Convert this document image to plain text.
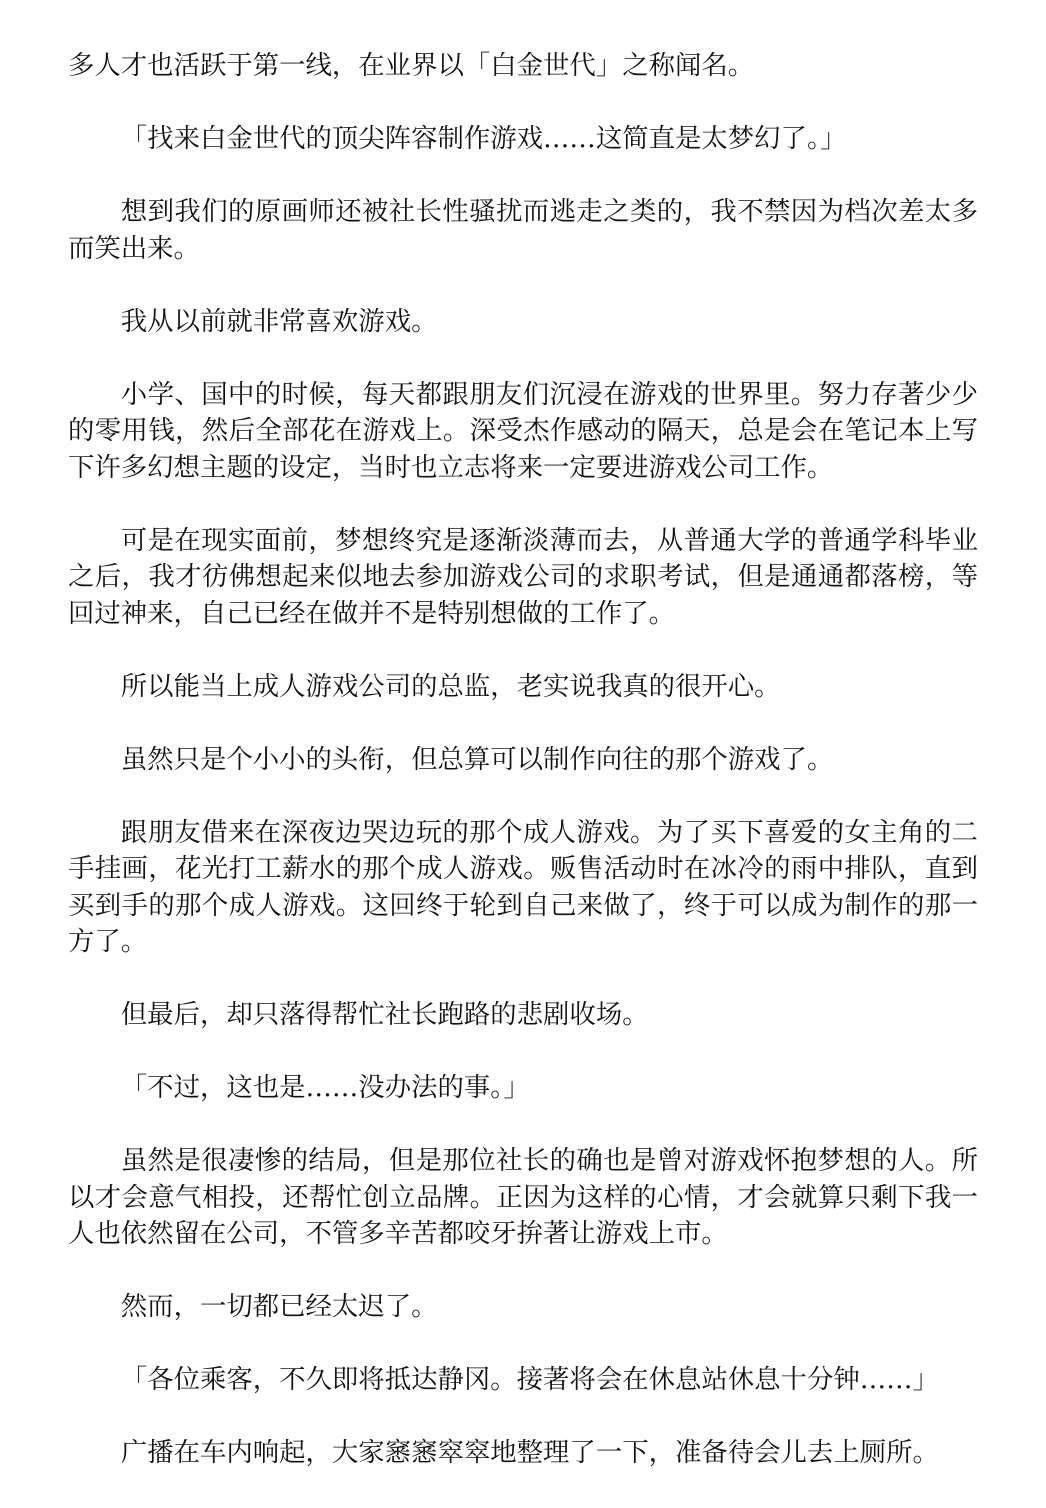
多人才也活跃于第一线，在业界以「白金世代」之称闻名。

「找来白金世代的顶尖阵容制作游戏……这简直是太梦幻了。」

想到我们的原画师还被社长性骚扰而逃走之类的，我不禁因为档次差太多而笑出来。

我从以前就非常喜欢游戏。

小学、国中的时候，每天都跟朋友们沉浸在游戏的世界里。努力存著少少的零用钱，然后全部花在游戏上。深受杰作感动的隔天，总是会在笔记本上写下许多幻想主题的设定，当时也立志将来一定要进游戏公司工作。

可是在现实面前，梦想终究是逐渐淡薄而去，从普通大学的普通学科毕业之后，我才彷佛想起来似地去参加游戏公司的求职考试，但是通通都落榜，等回过神来，自己已经在做并不是特别想做的工作了。

所以能当上成人游戏公司的总监，老实说我真的很开心。

虽然只是个小小的头衔，但总算可以制作向往的那个游戏了。

跟朋友借来在深夜边哭边玩的那个成人游戏。为了买下喜爱的女主角的二手挂画，花光打工薪水的那个成人游戏。贩售活动时在冰冷的雨中排队，直到买到手的那个成人游戏。这回终于轮到自己来做了，终于可以成为制作的那一方了。

但最后，却只落得帮忙社长跑路的悲剧收场。

「不过，这也是……没办法的事。」

虽然是很凄惨的结局，但是那位社长的确也是曾对游戏怀抱梦想的人。所以才会意气相投，还帮忙创立品牌。正因为这样的心情，才会就算只剩下我一人也依然留在公司，不管多辛苦都咬牙拚著让游戏上市。

然而，一切都已经太迟了。

「各位乘客，不久即将抵达静冈。接著将会在休息站休息十分钟……」

广播在车内响起，大家窸窸窣窣地整理了一下，准备待会儿去上厕所。
